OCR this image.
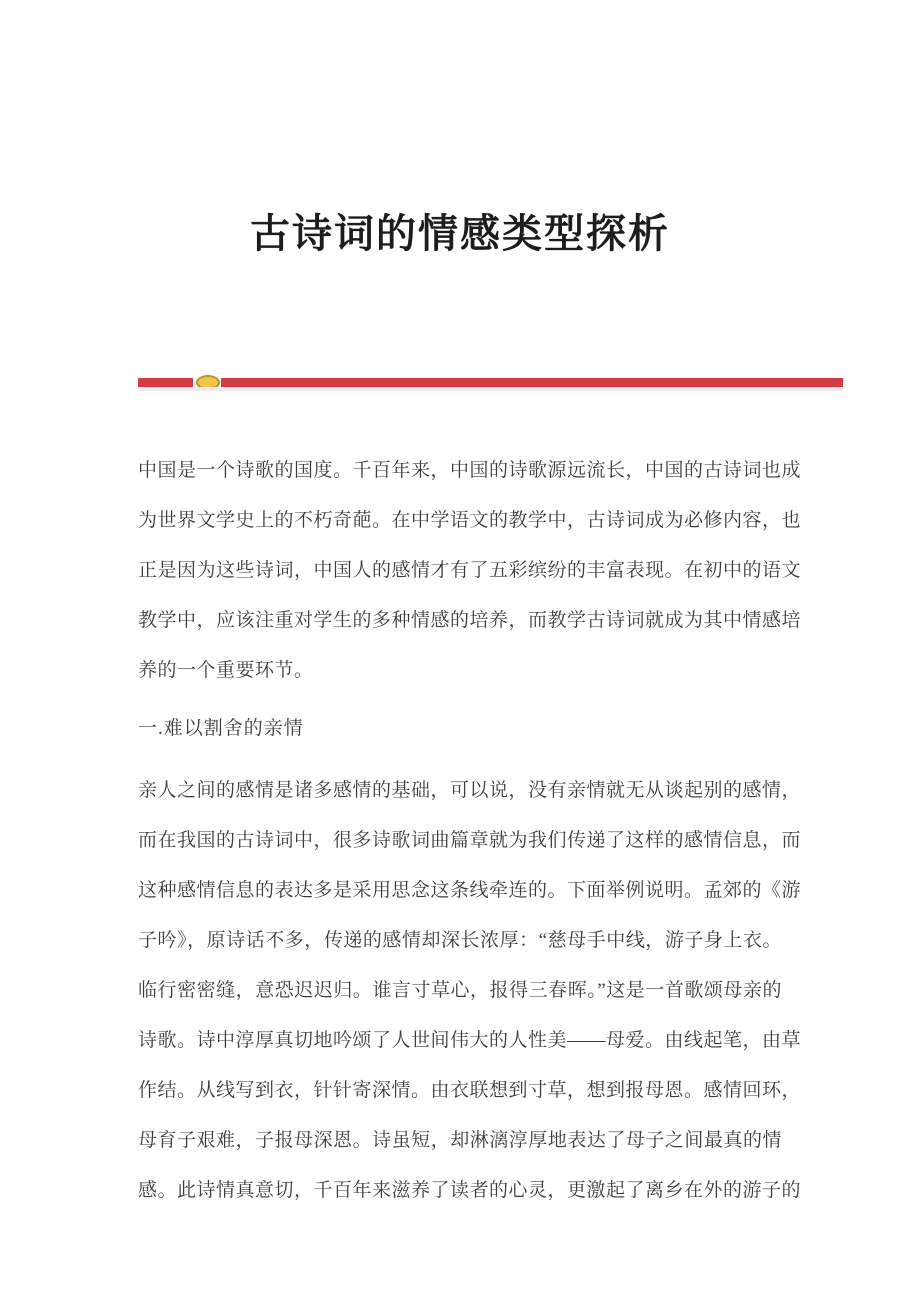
古诗词的情感类型探析
中国是一个诗歌的国度。千百年来，中国的诗歌源远流长，中国的古诗词也成
为世界文学史上的不朽奇葩。在中学语文的教学中，古诗词成为必修内容，也
正是因为这些诗词，中国人的感情才有了五彩缤纷的丰富表现。在初中的语文
教学中，应该注重对学生的多种情感的培养，而教学古诗词就成为其中情感培
养的一个重要环节。
一.难以割舍的亲情
亲人之间的感情是诸多感情的基础，可以说，没有亲情就无从谈起别的感情，
而在我国的古诗词中，很多诗歌词曲篇章就为我们传递了这样的感情信息，而
这种感情信息的表达多是采用思念这条线牵连的。下面举例说明。孟郊的《游
子吟》，原诗话不多，传递的感情却深长浓厚：“慈母手中线，游子身上衣。
临行密密缝，意恐迟迟归。谁言寸草心，报得三春晖。”这是一首歌颂母亲的
诗歌。诗中淳厚真切地吟颂了人世间伟大的人性美——母爱。由线起笔，由草
作结。从线写到衣，针针寄深情。由衣联想到寸草，想到报母恩。感情回环，
母育子艰难，子报母深恩。诗虽短，却淋漓淳厚地表达了母子之间最真的情
感。此诗情真意切，千百年来滋养了读者的心灵，更激起了离乡在外的游子的
